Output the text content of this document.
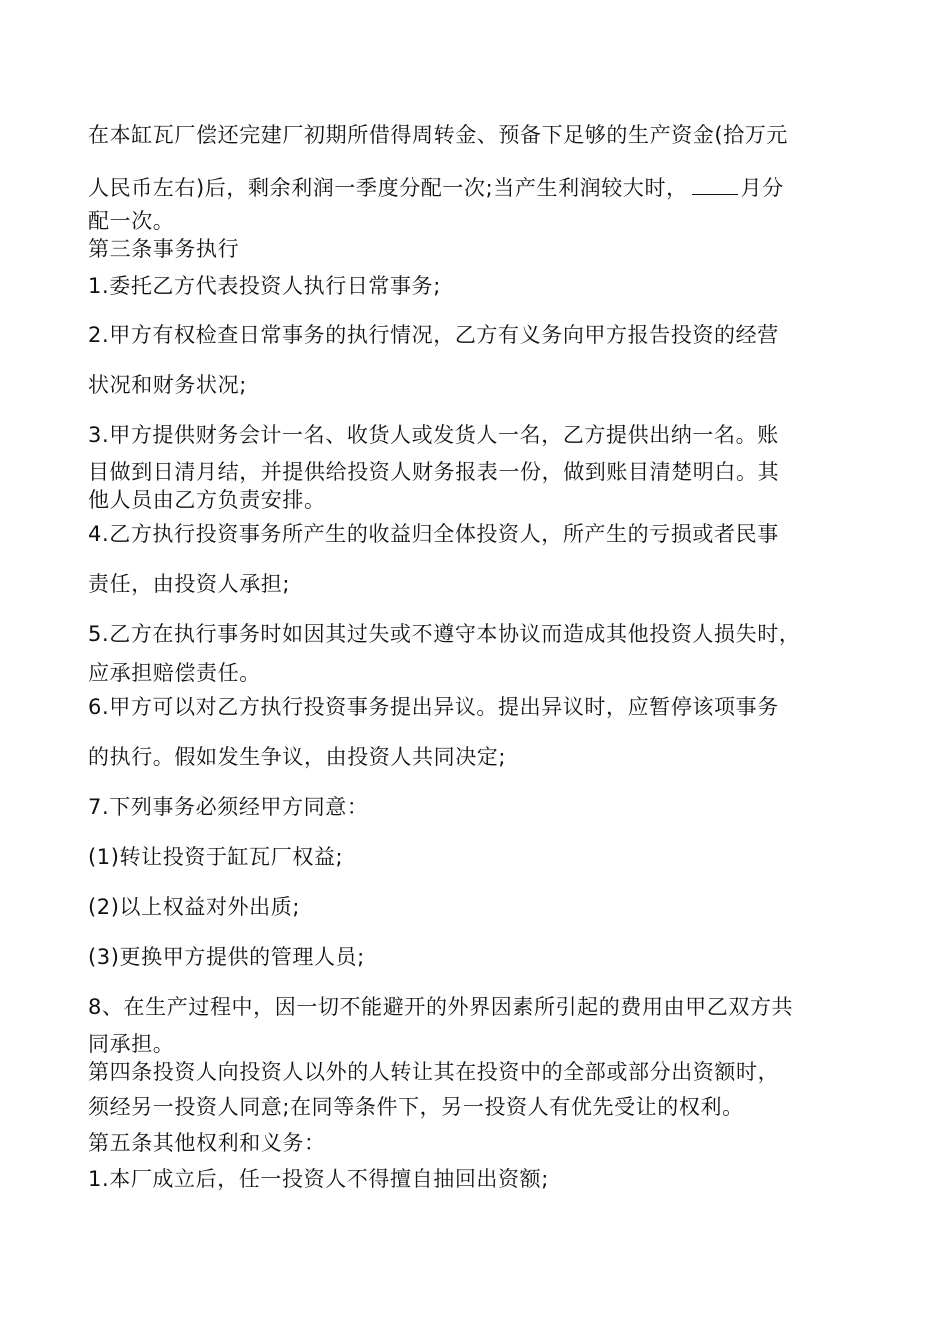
在本缸瓦厂偿还完建厂初期所借得周转金、预备下足够的生产资金(拾万元
人民币左右)后，剩余利润一季度分配一次;当产生利润较大时，	月分
配一次。
第三条事务执行
1.委托乙方代表投资人执行日常事务;
2.甲方有权检查日常事务的执行情况，乙方有义务向甲方报告投资的经营
状况和财务状况;
3.甲方提供财务会计一名、收货人或发货人一名，乙方提供出纳一名。账
目做到日清月结，并提供给投资人财务报表一份，做到账目清楚明白。其
他人员由乙方负责安排。
4.乙方执行投资事务所产生的收益归全体投资人，所产生的亏损或者民事
责任，由投资人承担;
5.乙方在执行事务时如因其过失或不遵守本协议而造成其他投资人损失时，
应承担赔偿责任。
6.甲方可以对乙方执行投资事务提出异议。提出异议时，应暂停该项事务
的执行。假如发生争议，由投资人共同决定;
7.下列事务必须经甲方同意：
(1)转让投资于缸瓦厂权益;
(2)以上权益对外出质;
(3)更换甲方提供的管理人员;
8、在生产过程中，因一切不能避开的外界因素所引起的费用由甲乙双方共
同承担。
第四条投资人向投资人以外的人转让其在投资中的全部或部分出资额时，
须经另一投资人同意;在同等条件下，另一投资人有优先受让的权利。
第五条其他权利和义务：
1.本厂成立后，任一投资人不得擅自抽回出资额;
